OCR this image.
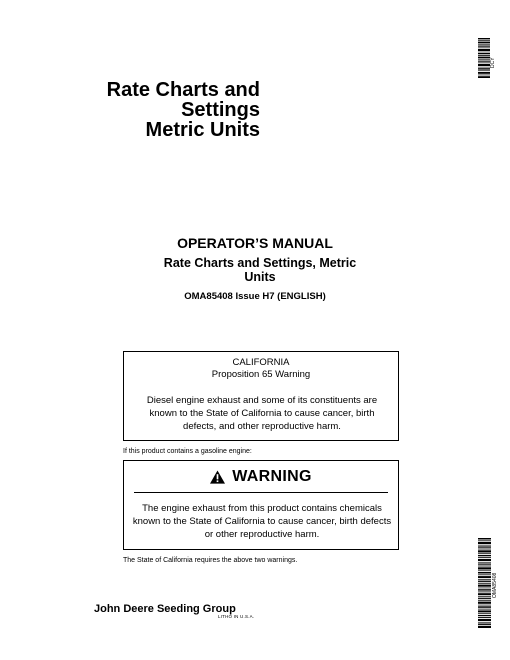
DCY
Rate Charts and
Settings
Metric Units
OPERATOR’S MANUAL
Rate Charts and Settings, Metric
Units
OMA85408 Issue H7 (ENGLISH)
CALIFORNIA
Proposition 65 Warning
Diesel engine exhaust and some of its constituents are known to the State of California to cause cancer, birth defects, and other reproductive harm.
If this product contains a gasoline engine:
WARNING
The engine exhaust from this product contains chemicals known to the State of California to cause cancer, birth defects or other reproductive harm.
The State of California requires the above two warnings.
OMA85408
John Deere Seeding Group
LITHO IN U.S.A.
